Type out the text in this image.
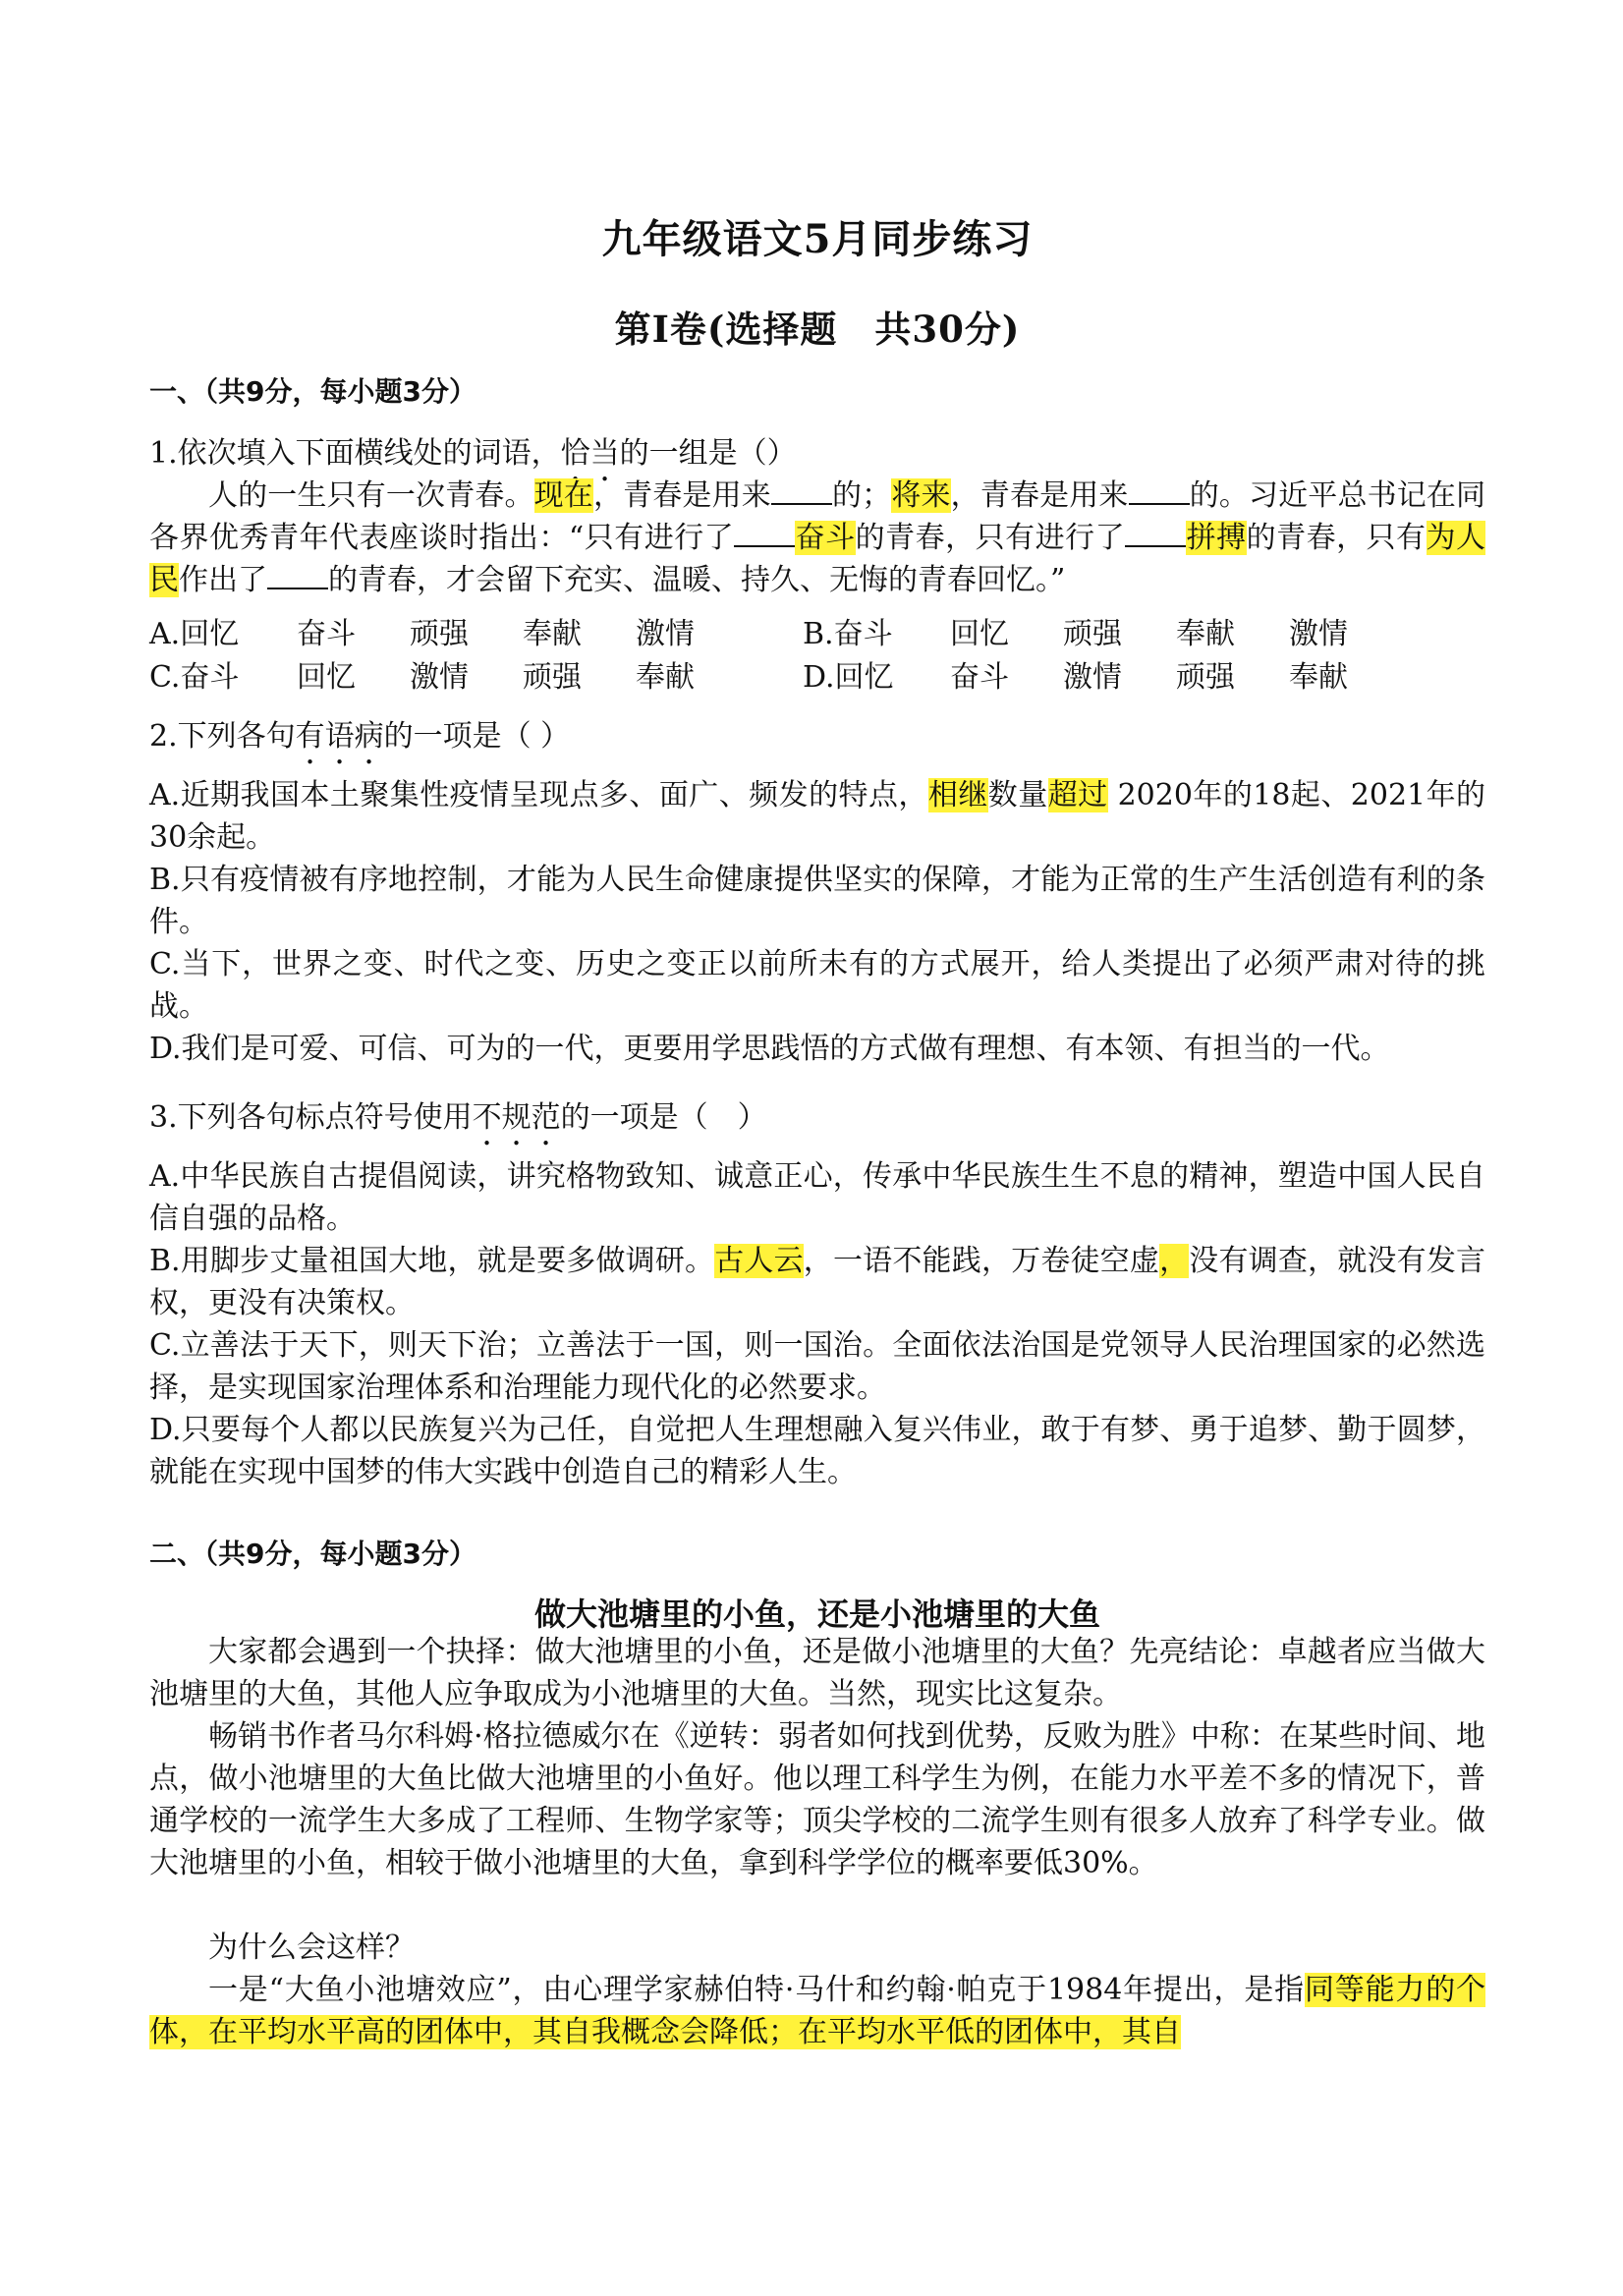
九年级语文5月同步练习
第Ⅰ卷(选择题　共30分)
一、（共9分，每小题3分）
1.依次填入下面横线处的词语，恰当的一组是（）
人的一生只有一次青春。现在，青春是用来 的；将来，青春是用来 的。习近平总书记在同各界优秀青年代表座谈时指出：“只有进行了 奋斗的青春，只有进行了 拼搏的青春，只有为人民作出了 的青春，才会留下充实、温暖、持久、无悔的青春回忆。”
A.回忆	奋斗	顽强	奉献	激情	B.奋斗	回忆	顽强	奉献	激情
C.奋斗	回忆	激情	顽强	奉献	D.回忆	奋斗	激情	顽强	奉献
2.下列各句有语病的一项是（ ）
A.近期我国本土聚集性疫情呈现点多、面广、频发的特点，相继数量超过 2020年的18起、2021年的30余起。
B.只有疫情被有序地控制，才能为人民生命健康提供坚实的保障，才能为正常的生产生活创造有利的条件。
C.当下，世界之变、时代之变、历史之变正以前所未有的方式展开，给人类提出了必须严肃对待的挑战。
D.我们是可爱、可信、可为的一代，更要用学思践悟的方式做有理想、有本领、有担当的一代。
3.下列各句标点符号使用不规范的一项是（　）
A.中华民族自古提倡阅读，讲究格物致知、诚意正心，传承中华民族生生不息的精神，塑造中国人民自信自强的品格。
B.用脚步丈量祖国大地，就是要多做调研。古人云，一语不能践，万卷徒空虚，没有调查，就没有发言权，更没有决策权。
C.立善法于天下，则天下治；立善法于一国，则一国治。全面依法治国是党领导人民治理国家的必然选择，是实现国家治理体系和治理能力现代化的必然要求。
D.只要每个人都以民族复兴为己任，自觉把人生理想融入复兴伟业，敢于有梦、勇于追梦、勤于圆梦，就能在实现中国梦的伟大实践中创造自己的精彩人生。
二、（共9分，每小题3分）
做大池塘里的小鱼，还是小池塘里的大鱼
大家都会遇到一个抉择：做大池塘里的小鱼，还是做小池塘里的大鱼？先亮结论：卓越者应当做大池塘里的大鱼，其他人应争取成为小池塘里的大鱼。当然，现实比这复杂。
畅销书作者马尔科姆·格拉德威尔在《逆转：弱者如何找到优势，反败为胜》中称：在某些时间、地点，做小池塘里的大鱼比做大池塘里的小鱼好。他以理工科学生为例，在能力水平差不多的情况下，普通学校的一流学生大多成了工程师、生物学家等；顶尖学校的二流学生则有很多人放弃了科学专业。做大池塘里的小鱼，相较于做小池塘里的大鱼，拿到科学学位的概率要低30%。
为什么会这样？
一是“大鱼小池塘效应”，由心理学家赫伯特·马什和约翰·帕克于1984年提出，是指同等能力的个体，在平均水平高的团体中，其自我概念会降低；在平均水平低的团体中，其自
